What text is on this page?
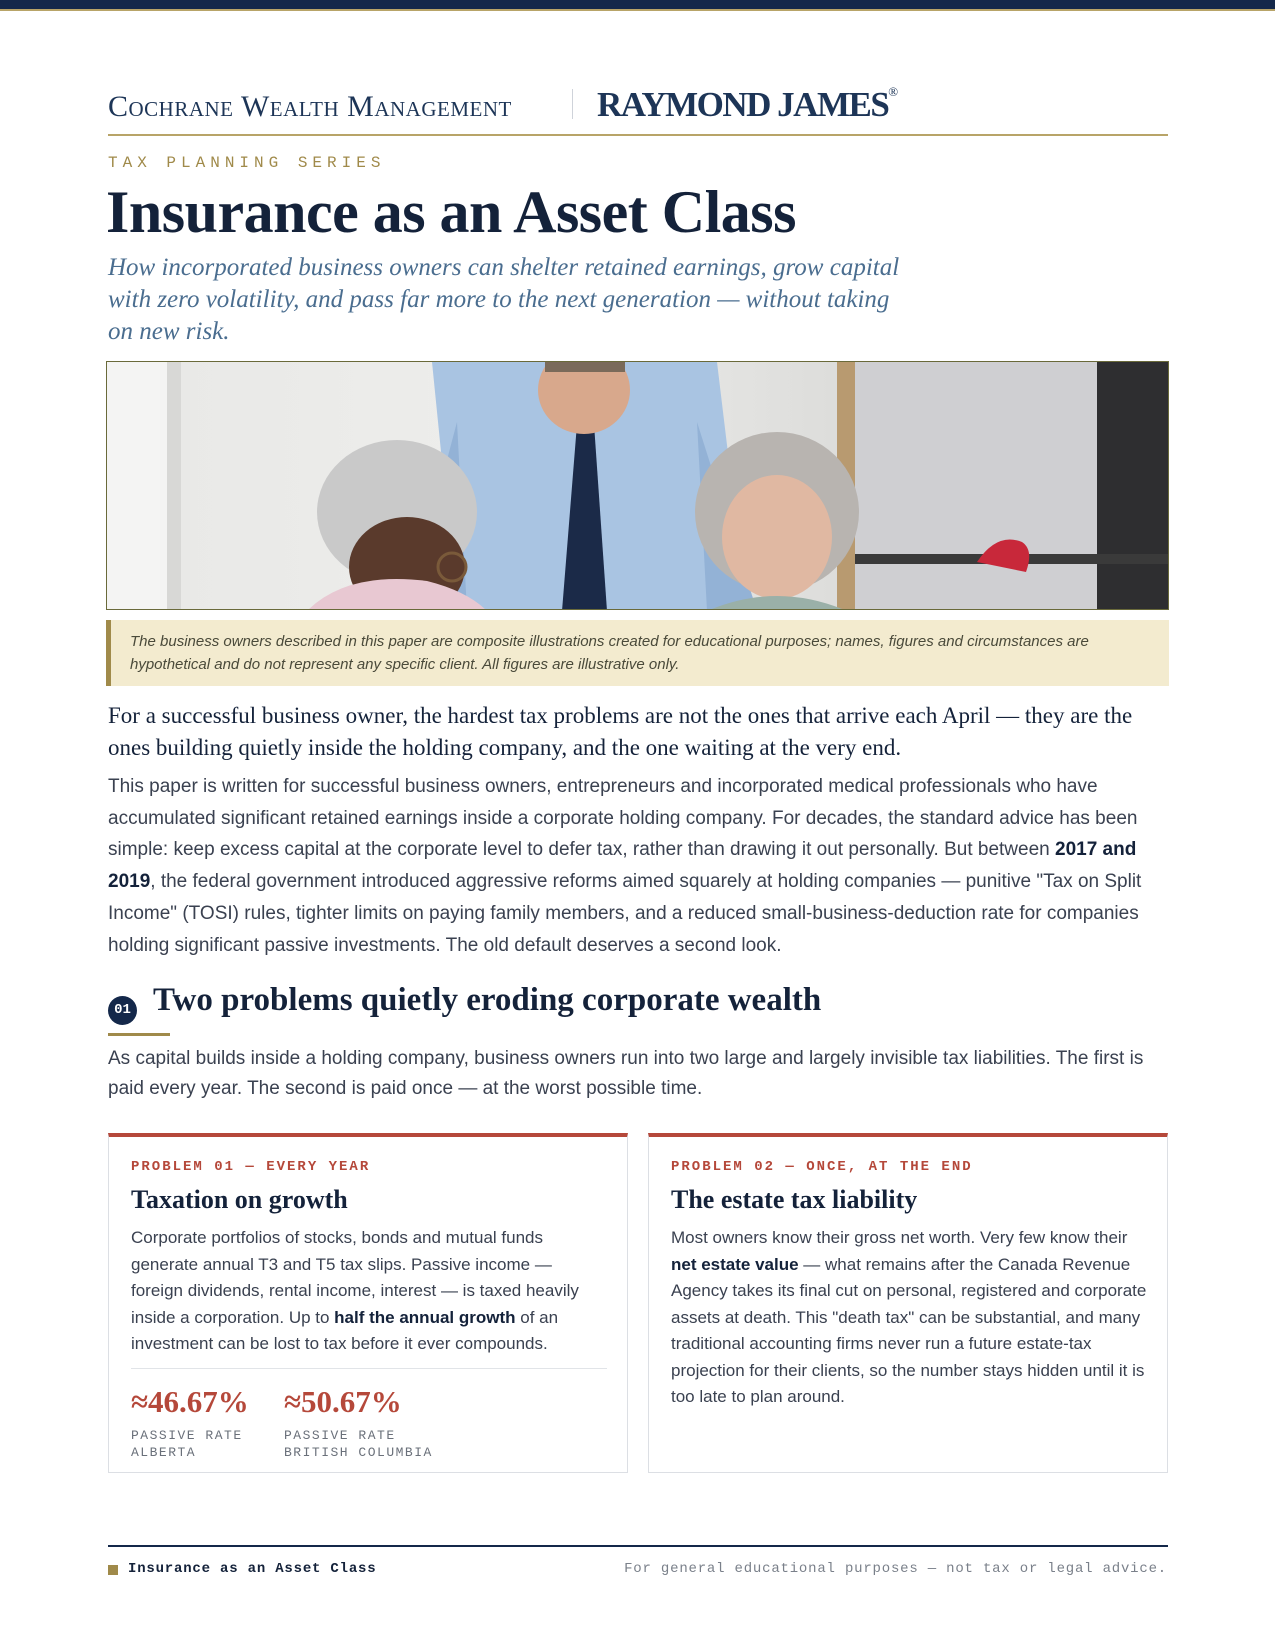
Cochrane Wealth Management RAYMOND JAMES®
TAX PLANNING SERIES
Insurance as an Asset Class

How incorporated business owners can shelter retained earnings, grow capital with zero volatility, and pass far more to the next generation — without taking on new risk.

The business owners described in this paper are composite illustrations created for educational purposes; names, figures and circumstances are hypothetical and do not represent any specific client. All figures are illustrative only.

For a successful business owner, the hardest tax problems are not the ones that arrive each April — they are the ones building quietly inside the holding company, and the one waiting at the very end.

This paper is written for successful business owners, entrepreneurs and incorporated medical professionals who have accumulated significant retained earnings inside a corporate holding company. For decades, the standard advice has been simple: keep excess capital at the corporate level to defer tax, rather than drawing it out personally. But between 2017 and 2019, the federal government introduced aggressive reforms aimed squarely at holding companies — punitive "Tax on Split Income" (TOSI) rules, tighter limits on paying family members, and a reduced small-business-deduction rate for companies holding significant passive investments. The old default deserves a second look.

01 Two problems quietly eroding corporate wealth

As capital builds inside a holding company, business owners run into two large and largely invisible tax liabilities. The first is paid every year. The second is paid once — at the worst possible time.

PROBLEM 01 — EVERY YEAR
Taxation on growth

Corporate portfolios of stocks, bonds and mutual funds generate annual T3 and T5 tax slips. Passive income — foreign dividends, rental income, interest — is taxed heavily inside a corporation. Up to half the annual growth of an investment can be lost to tax before it ever compounds.

≈46.67%
PASSIVE RATE
ALBERTA
≈50.67%
PASSIVE RATE
BRITISH COLUMBIA
PROBLEM 02 — ONCE, AT THE END
The estate tax liability

Most owners know their gross net worth. Very few know their net estate value — what remains after the Canada Revenue Agency takes its final cut on personal, registered and corporate assets at death. This "death tax" can be substantial, and many traditional accounting firms never run a future estate-tax projection for their clients, so the number stays hidden until it is too late to plan around.

Insurance as an Asset Class	For general educational purposes — not tax or legal advice.
